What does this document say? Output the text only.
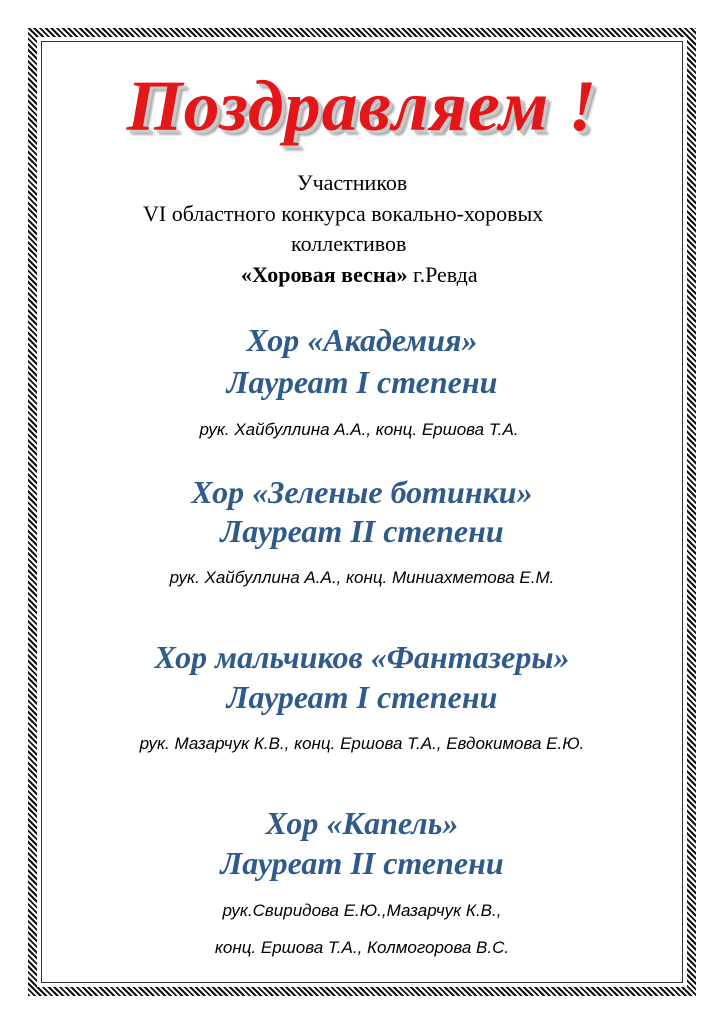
Поздравляем !
Участников
VI областного конкурса вокально-хоровых
коллективов
«Хоровая весна» г.Ревда
Хор «Академия»
Лауреат I степени
рук. Хайбуллина А.А., конц. Ершова Т.А.
Хор «Зеленые ботинки»
Лауреат II степени
рук. Хайбуллина А.А., конц. Миниахметова Е.М.
Хор мальчиков «Фантазеры»
Лауреат I степени
рук. Мазарчук К.В., конц. Ершова Т.А., Евдокимова Е.Ю.
Хор «Капель»
Лауреат II степени
рук.Свиридова Е.Ю.,Мазарчук К.В.,
конц. Ершова Т.А., Колмогорова В.С.
